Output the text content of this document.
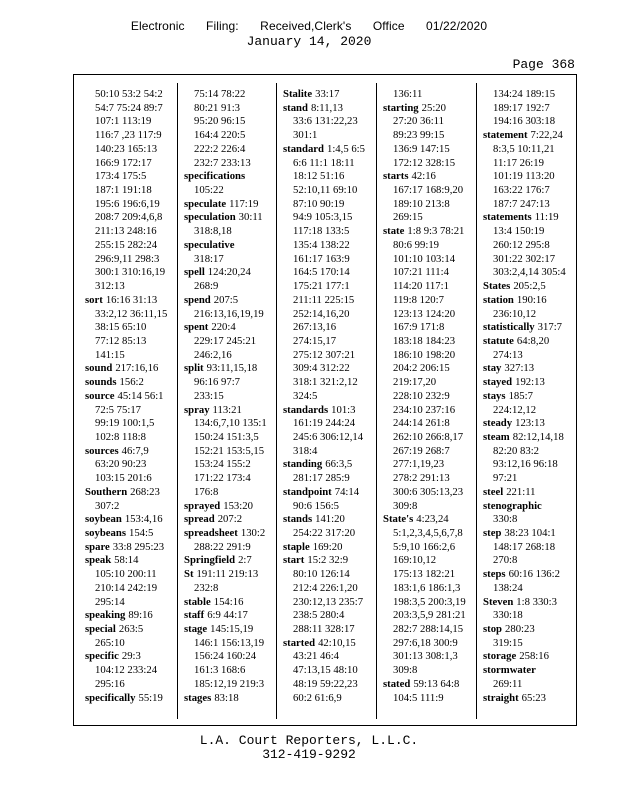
Electronic Filing: Received,Clerk's Office 01/22/2020
January 14, 2020
Page 368
50:10 53:2 54:2
54:7 75:24 89:7
107:1 113:19
116:7 ,23 117:9
140:23 165:13
166:9 172:17
173:4 175:5
187:1 191:18
195:6 196:6,19
208:7 209:4,6,8
211:13 248:16
255:15 282:24
296:9,11 298:3
300:1 310:16,19
312:13
sort 16:16 31:13
33:2,12 36:11,15
38:15 65:10
77:12 85:13
141:15
sound 217:16,16
sounds 156:2
source 45:14 56:1
72:5 75:17
99:19 100:1,5
102:8 118:8
sources 46:7,9
63:20 90:23
103:15 201:6
Southern 268:23
307:2
soybean 153:4,16
soybeans 154:5
spare 33:8 295:23
speak 58:14
105:10 200:11
210:14 242:19
295:14
speaking 89:16
special 263:5
265:10
specific 29:3
104:12 233:24
295:16
specifically 55:19
75:14 78:22
80:21 91:3
95:20 96:15
164:4 220:5
222:2 226:4
232:7 233:13
specifications
105:22
speculate 117:19
speculation 30:11
318:8,18
speculative
318:17
spell 124:20,24
268:9
spend 207:5
216:13,16,19,19
spent 220:4
229:17 245:21
246:2,16
split 93:11,15,18
96:16 97:7
233:15
spray 113:21
134:6,7,10 135:1
150:24 151:3,5
152:21 153:5,15
153:24 155:2
171:22 173:4
176:8
sprayed 153:20
spread 207:2
spreadsheet 130:2
288:22 291:9
Springfield 2:7
St 191:11 219:13
232:8
stable 154:16
staff 6:9 44:17
stage 145:15,19
146:1 156:13,19
156:24 160:24
161:3 168:6
185:12,19 219:3
stages 83:18
Stalite 33:17
stand 8:11,13
33:6 131:22,23
301:1
standard 1:4,5 6:5
6:6 11:1 18:11
18:12 51:16
52:10,11 69:10
87:10 90:19
94:9 105:3,15
117:18 133:5
135:4 138:22
161:17 163:9
164:5 170:14
175:21 177:1
211:11 225:15
252:14,16,20
267:13,16
274:15,17
275:12 307:21
309:4 312:22
318:1 321:2,12
324:5
standards 101:3
161:19 244:24
245:6 306:12,14
318:4
standing 66:3,5
281:17 285:9
standpoint 74:14
90:6 156:5
stands 141:20
254:22 317:20
staple 169:20
start 15:2 32:9
80:10 126:14
212:4 226:1,20
230:12,13 235:7
238:5 280:4
288:11 328:17
started 42:10,15
43:21 46:4
47:13,15 48:10
48:19 59:22,23
60:2 61:6,9
136:11
starting 25:20
27:20 36:11
89:23 99:15
136:9 147:15
172:12 328:15
starts 42:16
167:17 168:9,20
189:10 213:8
269:15
state 1:8 9:3 78:21
80:6 99:19
101:10 103:14
107:21 111:4
114:20 117:1
119:8 120:7
123:13 124:20
167:9 171:8
183:18 184:23
186:10 198:20
204:2 206:15
219:17,20
228:10 232:9
234:10 237:16
244:14 261:8
262:10 266:8,17
267:19 268:7
277:1,19,23
278:2 291:13
300:6 305:13,23
309:8
State's 4:23,24
5:1,2,3,4,5,6,7,8
5:9,10 166:2,6
169:10,12
175:13 182:21
183:1,6 186:1,3
198:3,5 200:3,19
203:3,5,9 281:21
282:7 288:14,15
297:6,18 300:9
301:13 308:1,3
309:8
stated 59:13 64:8
104:5 111:9
134:24 189:15
189:17 192:7
194:16 303:18
statement 7:22,24
8:3,5 10:11,21
11:17 26:19
101:19 113:20
163:22 176:7
187:7 247:13
statements 11:19
13:4 150:19
260:12 295:8
301:22 302:17
303:2,4,14 305:4
States 205:2,5
station 190:16
236:10,12
statistically 317:7
statute 64:8,20
274:13
stay 327:13
stayed 192:13
stays 185:7
224:12,12
steady 123:13
steam 82:12,14,18
82:20 83:2
93:12,16 96:18
97:21
steel 221:11
stenographic
330:8
step 38:23 104:1
148:17 268:18
270:8
steps 60:16 136:2
138:24
Steven 1:8 330:3
330:18
stop 280:23
319:15
storage 258:16
stormwater
269:11
straight 65:23
L.A. Court Reporters, L.L.C.
312-419-9292
